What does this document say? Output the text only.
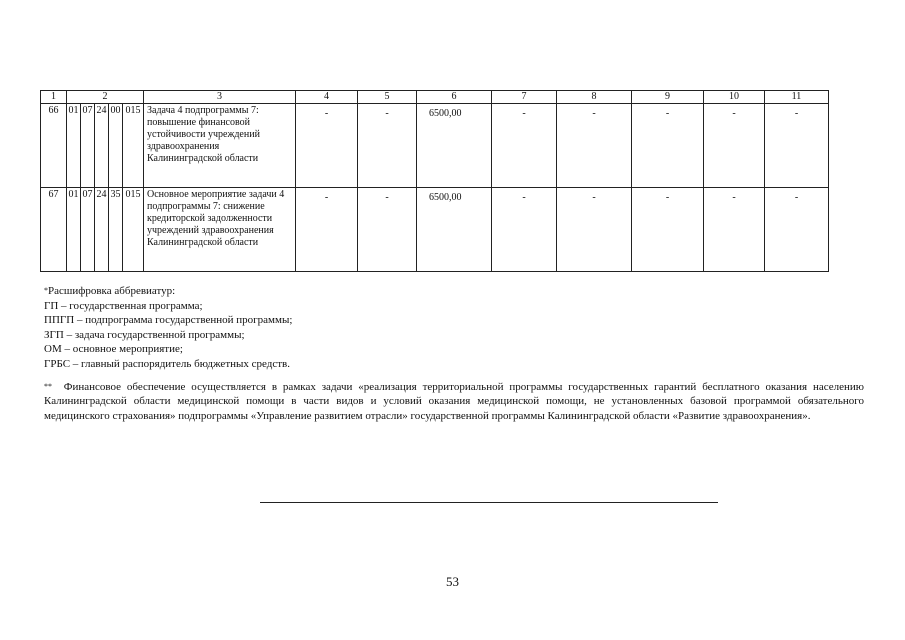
1	2					3	4	5	6	7	8	9	10	11
66	01	07	24	00	015	Задача 4 подпрограммы 7: повышение финансовой устойчивости учреждений здравоохранения Калининградской области	-	-	6500,00	-	-	-	-	-
67	01	07	24	35	015	Основное мероприятие задачи 4 подпрограммы 7: снижение кредиторской задолженности учреждений здравоохранения Калининградской области	-	-	6500,00	-	-	-	-	-

*Расшифровка аббревиатур:

ГП – государственная программа;

ППГП – подпрограмма государственной программы;

ЗГП – задача государственной программы;

ОМ – основное мероприятие;

ГРБС – главный распорядитель бюджетных средств.

** Финансовое обеспечение осуществляется в рамках задачи «реализация территориальной программы государственных гарантий бесплатного оказания населению Калининградской области медицинской помощи в части видов и условий оказания медицинской помощи, не установленных базовой программой обязательного медицинского страхования» подпрограммы «Управление развитием отрасли» государственной программы Калининградской области «Развитие здравоохранения».

53
